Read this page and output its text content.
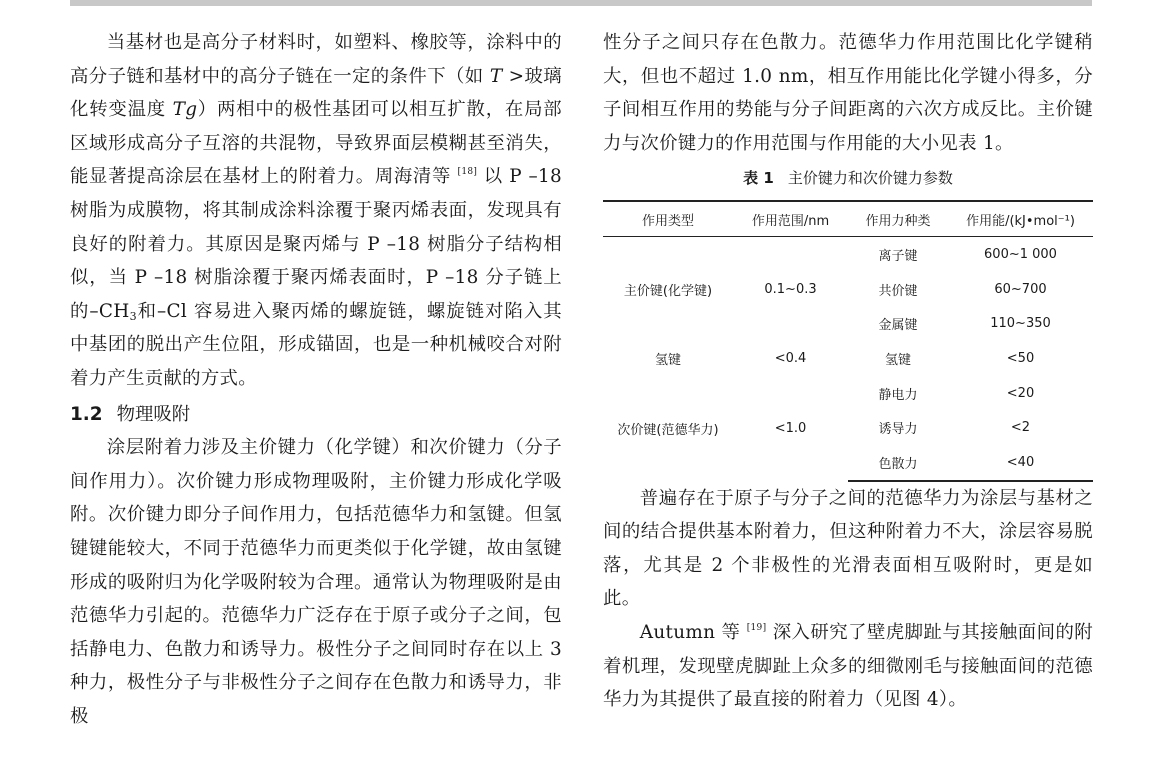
当基材也是高分子材料时，如塑料、橡胶等，涂料中的高分子链和基材中的高分子链在一定的条件下（如 T >玻璃化转变温度 Tg）两相中的极性基团可以相互扩散，在局部区域形成高分子互溶的共混物，导致界面层模糊甚至消失，能显著提高涂层在基材上的附着力。周海清等 [18] 以 P –18 树脂为成膜物，将其制成涂料涂覆于聚丙烯表面，发现具有良好的附着力。其原因是聚丙烯与 P –18 树脂分子结构相似，当 P –18 树脂涂覆于聚丙烯表面时，P –18 分子链上的$-CH_3$和–Cl 容易进入聚丙烯的螺旋链，螺旋链对陷入其中基团的脱出产生位阻，形成锚固，也是一种机械咬合对附着力产生贡献的方式。

1.2 物理吸附

涂层附着力涉及主价键力（化学键）和次价键力（分子间作用力）。次价键力形成物理吸附，主价键力形成化学吸附。次价键力即分子间作用力，包括范德华力和氢键。但氢键键能较大，不同于范德华力而更类似于化学键，故由氢键形成的吸附归为化学吸附较为合理。通常认为物理吸附是由范德华力引起的。范德华力广泛存在于原子或分子之间，包括静电力、色散力和诱导力。极性分子之间同时存在以上 3 种力，极性分子与非极性分子之间存在色散力和诱导力，非极

性分子之间只存在色散力。范德华力作用范围比化学键稍大，但也不超过 1.0 nm，相互作用能比化学键小得多，分子间相互作用的势能与分子间距离的六次方成反比。主价键力与次价键力的作用范围与作用能的大小见表 1。

表 1 主价键力和次价键力参数
作用类型	作用范围/nm	作用力种类	作用能/(kJ•mol⁻¹)
主价键(化学键)	0.1~0.3	离子键	600~1 000
		共价键	60~700
		金属键	110~350
氢键	<0.4	氢键	<50
次价键(范德华力)	<1.0	静电力	<20
		诱导力	<2
		色散力	<40

普遍存在于原子与分子之间的范德华力为涂层与基材之间的结合提供基本附着力，但这种附着力不大，涂层容易脱落，尤其是 2 个非极性的光滑表面相互吸附时，更是如此。

Autumn 等 [19] 深入研究了壁虎脚趾与其接触面间的附着机理，发现壁虎脚趾上众多的细微刚毛与接触面间的范德华力为其提供了最直接的附着力（见图 4）。
